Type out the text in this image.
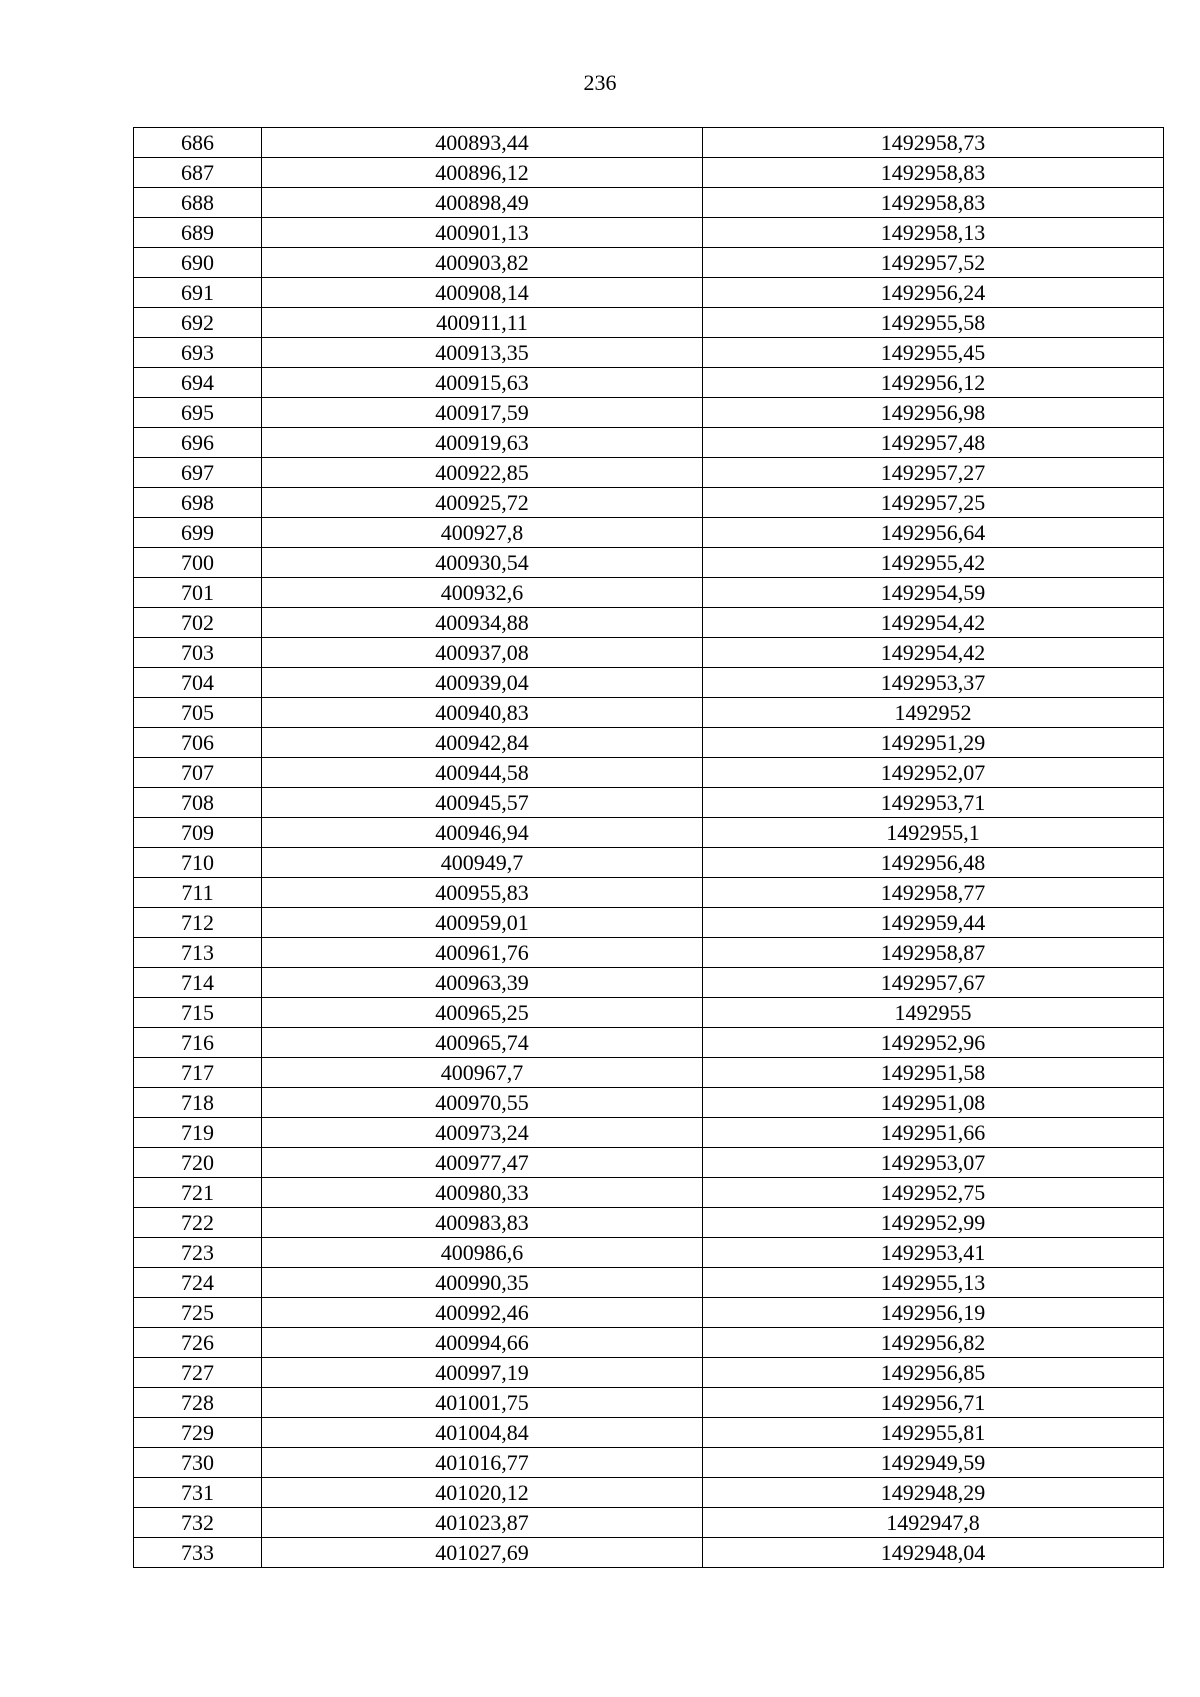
236
686	400893,44	1492958,73
687	400896,12	1492958,83
688	400898,49	1492958,83
689	400901,13	1492958,13
690	400903,82	1492957,52
691	400908,14	1492956,24
692	400911,11	1492955,58
693	400913,35	1492955,45
694	400915,63	1492956,12
695	400917,59	1492956,98
696	400919,63	1492957,48
697	400922,85	1492957,27
698	400925,72	1492957,25
699	400927,8	1492956,64
700	400930,54	1492955,42
701	400932,6	1492954,59
702	400934,88	1492954,42
703	400937,08	1492954,42
704	400939,04	1492953,37
705	400940,83	1492952
706	400942,84	1492951,29
707	400944,58	1492952,07
708	400945,57	1492953,71
709	400946,94	1492955,1
710	400949,7	1492956,48
711	400955,83	1492958,77
712	400959,01	1492959,44
713	400961,76	1492958,87
714	400963,39	1492957,67
715	400965,25	1492955
716	400965,74	1492952,96
717	400967,7	1492951,58
718	400970,55	1492951,08
719	400973,24	1492951,66
720	400977,47	1492953,07
721	400980,33	1492952,75
722	400983,83	1492952,99
723	400986,6	1492953,41
724	400990,35	1492955,13
725	400992,46	1492956,19
726	400994,66	1492956,82
727	400997,19	1492956,85
728	401001,75	1492956,71
729	401004,84	1492955,81
730	401016,77	1492949,59
731	401020,12	1492948,29
732	401023,87	1492947,8
733	401027,69	1492948,04
